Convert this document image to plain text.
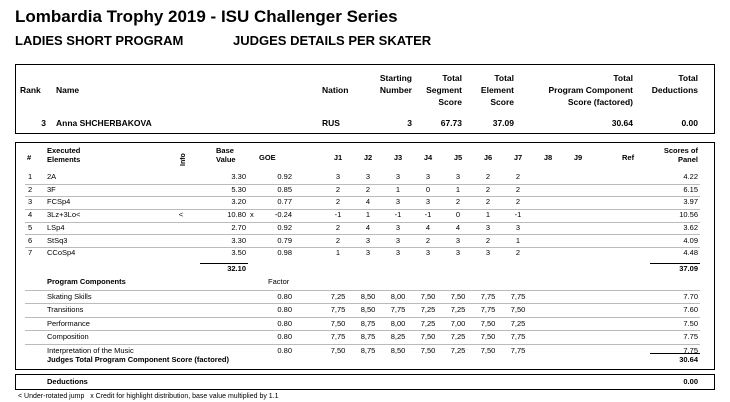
Lombardia Trophy 2019 - ISU Challenger Series
LADIES SHORT PROGRAM	JUDGES DETAILS PER SKATER
Rank Name	Nation
Starting
Number
Total
Segment
Score
Total
Element
Score
Total
Program Component
Score (factored)
Total
Deductions
3 Anna SHCHERBAKOVA	RUS	3	67.73	37.09	30.64	0.00
#
Executed
Elements	Info
Base
Value	GOE	J1	J2	J3	J4	J5	J6	J7	J8	J9	Ref
Scores of
Panel
1 2A	3.30	0.92	3	3	3	3	3	2	2	4.22
2 3F	5.30	0.85	2	2	1	0	1	2	2	6.15
3 FCSp4	3.20	0.77	2	4	3	3	2	2	2	3.97
4 3Lz+3Lo<	<	10.80 x	-0.24	-1	1	-1	-1	0	1	-1	10.56
5 LSp4	2.70	0.92	2	4	3	4	4	3	3	3.62
6 StSq3	3.30	0.79	2	3	3	2	3	2	1	4.09
7 CCoSp4	3.50	0.98	1	3	3	3	3	3	2	4.48
32.10	37.09
Program Components	Factor
Skating Skills	0.80	7,25	8,50	8,00	7,50	7,50	7,75	7,75	7.70
Transitions	0.80	7,75	8,50	7,75	7,25	7,25	7,75	7,50	7.60
Performance	0.80	7,50	8,75	8,00	7,25	7,00	7,50	7,25	7.50
Composition	0.80	7,75	8,75	8,25	7,50	7,25	7,50	7,75	7.75
Interpretation of the Music	0.80	7,50	8,75	8,50	7,50	7,25	7,50	7,75	7.75
Judges Total Program Component Score (factored)	30.64
Deductions	0.00
< Under-rotated jump x Credit for highlight distribution, base value multiplied by 1.1
